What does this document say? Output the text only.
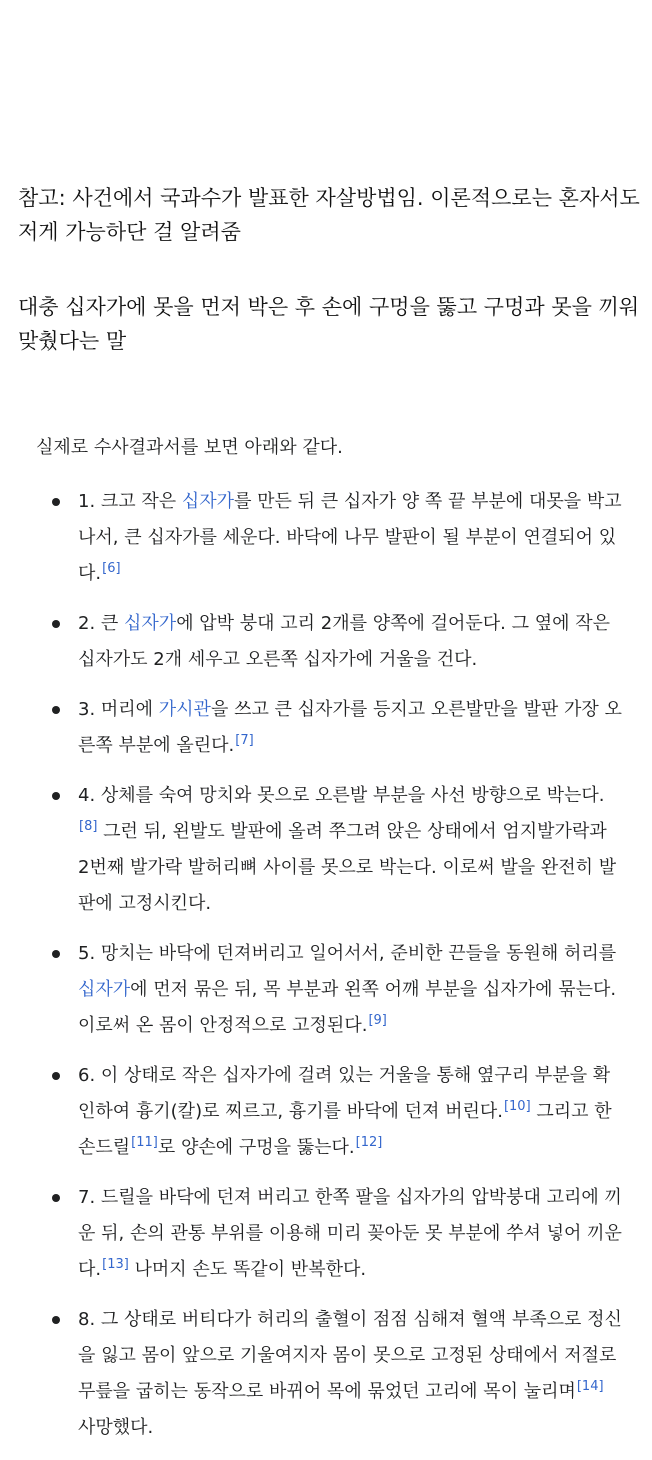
참고: 사건에서 국과수가 발표한 자살방법임. 이론적으로는 혼자서도 저게 가능하단 걸 알려줌

대충 십자가에 못을 먼저 박은 후 손에 구멍을 뚫고 구멍과 못을 끼워 맞췄다는 말

실제로 수사결과서를 보면 아래와 같다.

1. 크고 작은 십자가를 만든 뒤 큰 십자가 양 쪽 끝 부분에 대못을 박고 나서, 큰 십자가를 세운다. 바닥에 나무 발판이 될 부분이 연결되어 있다.[6]
2. 큰 십자가에 압박 붕대 고리 2개를 양쪽에 걸어둔다. 그 옆에 작은 십자가도 2개 세우고 오른쪽 십자가에 거울을 건다.
3. 머리에 가시관을 쓰고 큰 십자가를 등지고 오른발만을 발판 가장 오른쪽 부분에 올린다.[7]
4. 상체를 숙여 망치와 못으로 오른발 부분을 사선 방향으로 박는다.[8] 그런 뒤, 왼발도 발판에 올려 쭈그려 앉은 상태에서 엄지발가락과 2번째 발가락 발허리뼈 사이를 못으로 박는다. 이로써 발을 완전히 발판에 고정시킨다.
5. 망치는 바닥에 던져버리고 일어서서, 준비한 끈들을 동원해 허리를 십자가에 먼저 묶은 뒤, 목 부분과 왼쪽 어깨 부분을 십자가에 묶는다. 이로써 온 몸이 안정적으로 고정된다.[9]
6. 이 상태로 작은 십자가에 걸려 있는 거울을 통해 옆구리 부분을 확인하여 흉기(칼)로 찌르고, 흉기를 바닥에 던져 버린다.[10] 그리고 한손드릴[11]로 양손에 구멍을 뚫는다.[12]
7. 드릴을 바닥에 던져 버리고 한쪽 팔을 십자가의 압박붕대 고리에 끼운 뒤, 손의 관통 부위를 이용해 미리 꽂아둔 못 부분에 쑤셔 넣어 끼운다.[13] 나머지 손도 똑같이 반복한다.
8. 그 상태로 버티다가 허리의 출혈이 점점 심해져 혈액 부족으로 정신을 잃고 몸이 앞으로 기울여지자 몸이 못으로 고정된 상태에서 저절로 무릎을 굽히는 동작으로 바뀌어 목에 묶었던 고리에 목이 눌리며[14] 사망했다.
